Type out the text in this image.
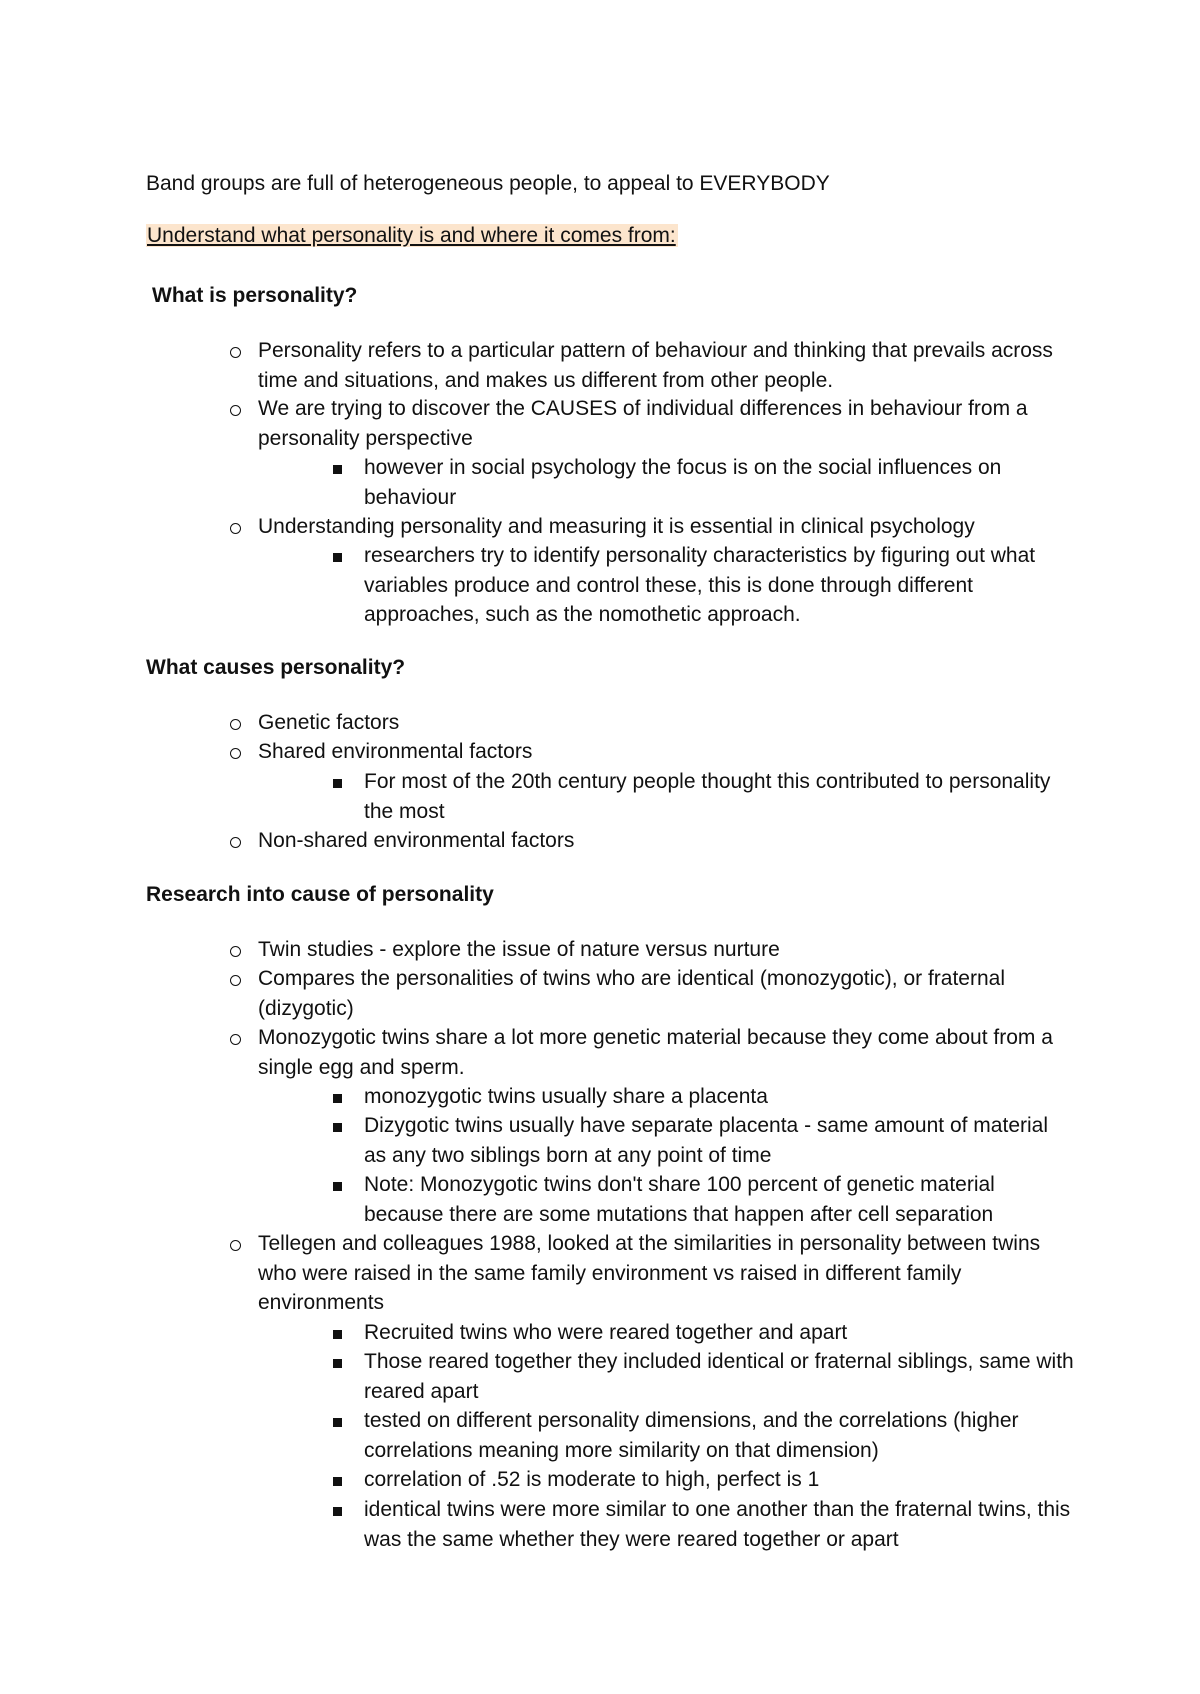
Band groups are full of heterogeneous people, to appeal to EVERYBODY
Understand what personality is and where it comes from:
What is personality?
Personality refers to a particular pattern of behaviour and thinking that prevails across time and situations, and makes us different from other people.
We are trying to discover the CAUSES of individual differences in behaviour from a personality perspective
however in social psychology the focus is on the social influences on behaviour
Understanding personality and measuring it is essential in clinical psychology
researchers try to identify personality characteristics by figuring out what variables produce and control these, this is done through different approaches, such as the nomothetic approach.
What causes personality?
Genetic factors
Shared environmental factors
For most of the 20th century people thought this contributed to personality the most
Non-shared environmental factors
Research into cause of personality
Twin studies - explore the issue of nature versus nurture
Compares the personalities of twins who are identical (monozygotic), or fraternal (dizygotic)
Monozygotic twins share a lot more genetic material because they come about from a single egg and sperm.
monozygotic twins usually share a placenta
Dizygotic twins usually have separate placenta - same amount of material as any two siblings born at any point of time
Note: Monozygotic twins don't share 100 percent of genetic material because there are some mutations that happen after cell separation
Tellegen and colleagues 1988, looked at the similarities in personality between twins who were raised in the same family environment vs raised in different family environments
Recruited twins who were reared together and apart
Those reared together they included identical or fraternal siblings, same with reared apart
tested on different personality dimensions, and the correlations (higher correlations meaning more similarity on that dimension)
correlation of .52 is moderate to high, perfect is 1
identical twins were more similar to one another than the fraternal twins, this was the same whether they were reared together or apart
